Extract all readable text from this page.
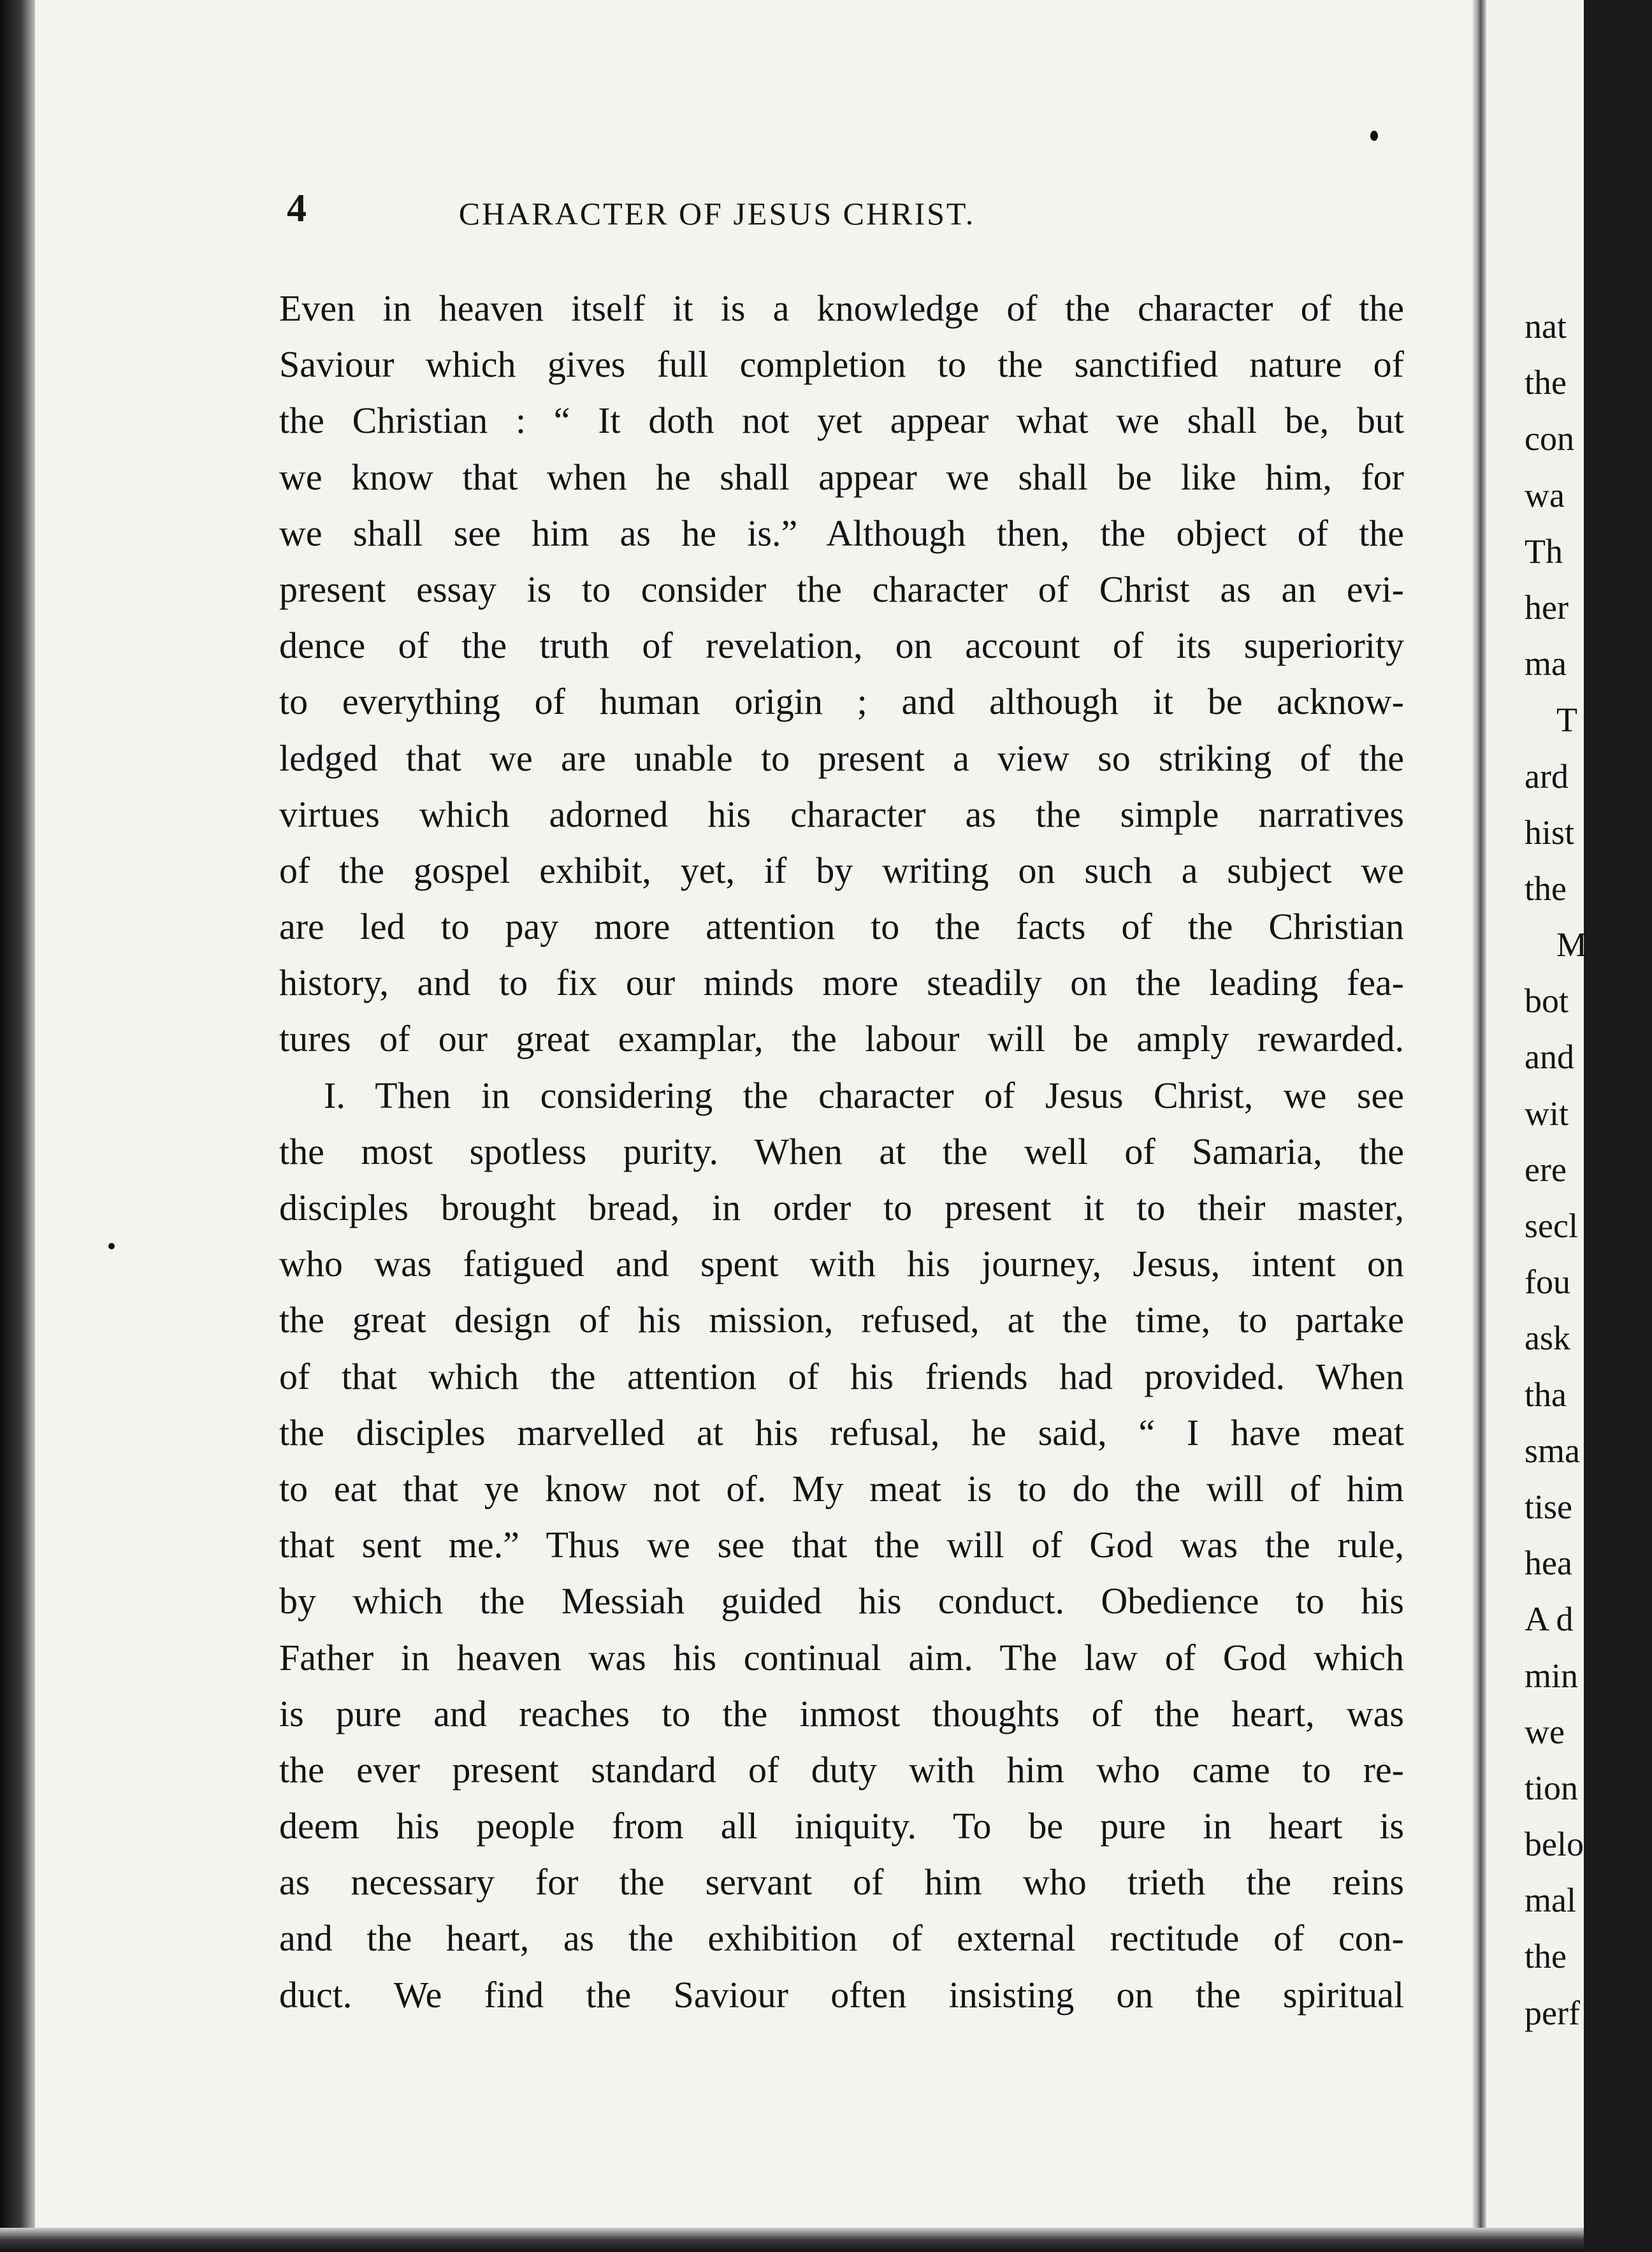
4	CHARACTER OF JESUS CHRIST.
Even in heaven itself it is a knowledge of the character of the
Saviour which gives full completion to the sanctified nature of
the Christian : “ It doth not yet appear what we shall be, but
we know that when he shall appear we shall be like him, for
we shall see him as he is.” Although then, the object of the
present essay is to consider the character of Christ as an evi-
dence of the truth of revelation, on account of its superiority
to everything of human origin ; and although it be acknow-
ledged that we are unable to present a view so striking of the
virtues which adorned his character as the simple narratives
of the gospel exhibit, yet, if by writing on such a subject we
are led to pay more attention to the facts of the Christian
history, and to fix our minds more steadily on the leading fea-
tures of our great examplar, the labour will be amply rewarded.
I. Then in considering the character of Jesus Christ, we see
the most spotless purity. When at the well of Samaria, the
disciples brought bread, in order to present it to their master,
who was fatigued and spent with his journey, Jesus, intent on
the great design of his mission, refused, at the time, to partake
of that which the attention of his friends had provided. When
the disciples marvelled at his refusal, he said, “ I have meat
to eat that ye know not of. My meat is to do the will of him
that sent me.” Thus we see that the will of God was the rule,
by which the Messiah guided his conduct. Obedience to his
Father in heaven was his continual aim. The law of God which
is pure and reaches to the inmost thoughts of the heart, was
the ever present standard of duty with him who came to re-
deem his people from all iniquity. To be pure in heart is
as necessary for the servant of him who trieth the reins
and the heart, as the exhibition of external rectitude of con-
duct. We find the Saviour often insisting on the spiritual
nat
the
con
wa
Th
her
ma
T
ard
hist
the
M
bot
and
wit
ere
secl
fou
ask
tha
sma
tise
hea
A d
min
we
tion
belo
mal
the
perf
